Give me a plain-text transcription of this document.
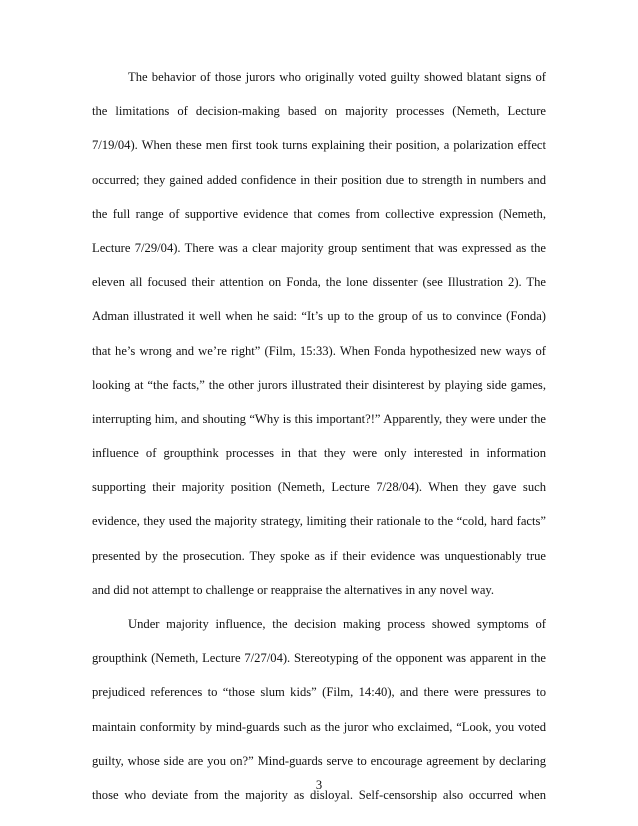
The behavior of those jurors who originally voted guilty showed blatant signs of
the limitations of decision-making based on majority processes (Nemeth, Lecture
7/19/04). When these men first took turns explaining their position, a polarization effect
occurred; they gained added confidence in their position due to strength in numbers and
the full range of supportive evidence that comes from collective expression (Nemeth,
Lecture 7/29/04). There was a clear majority group sentiment that was expressed as the
eleven all focused their attention on Fonda, the lone dissenter (see Illustration 2). The
Adman illustrated it well when he said: “It’s up to the group of us to convince (Fonda)
that he’s wrong and we’re right” (Film, 15:33). When Fonda hypothesized new ways of
looking at “the facts,” the other jurors illustrated their disinterest by playing side games,
interrupting him, and shouting “Why is this important?!” Apparently, they were under the
influence of groupthink processes in that they were only interested in information
supporting their majority position (Nemeth, Lecture 7/28/04). When they gave such
evidence, they used the majority strategy, limiting their rationale to the “cold, hard facts”
presented by the prosecution. They spoke as if their evidence was unquestionably true
and did not attempt to challenge or reappraise the alternatives in any novel way.
Under majority influence, the decision making process showed symptoms of
groupthink (Nemeth, Lecture 7/27/04). Stereotyping of the opponent was apparent in the
prejudiced references to “those slum kids” (Film, 14:40), and there were pressures to
maintain conformity by mind-guards such as the juror who exclaimed, “Look, you voted
guilty, whose side are you on?” Mind-guards serve to encourage agreement by declaring
those who deviate from the majority as disloyal. Self-censorship also occurred when
3
